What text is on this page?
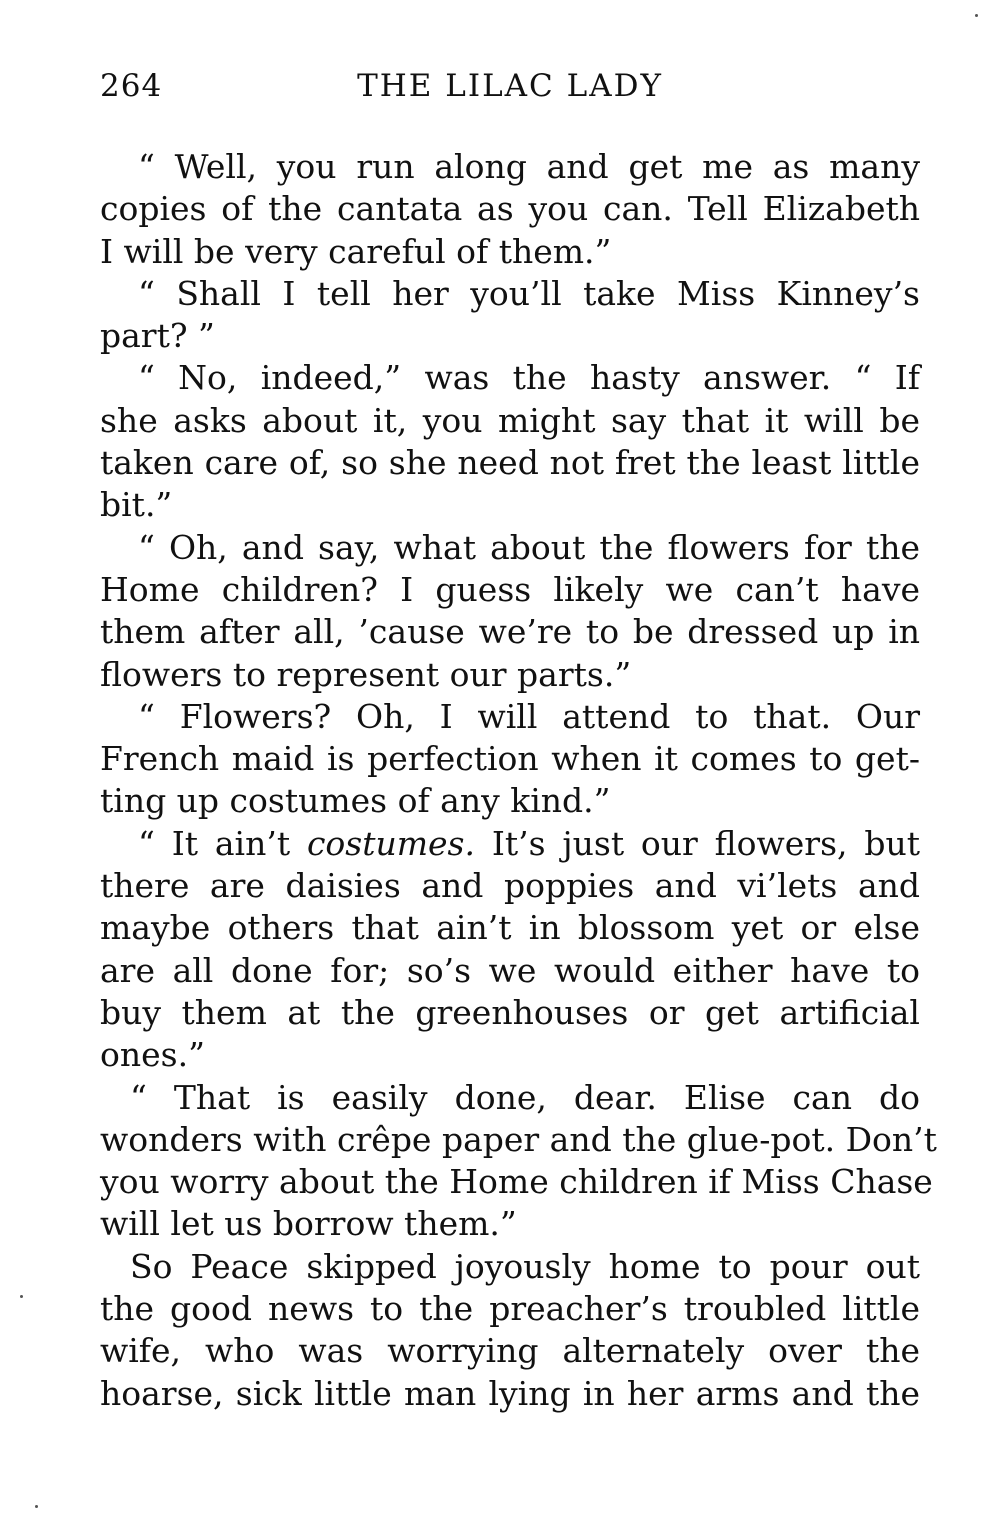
264	THE LILAC LADY
“ Well, you run along and get me as many
copies of the cantata as you can. Tell Elizabeth
I will be very careful of them.”
“ Shall I tell her you’ll take Miss Kinney’s
part? ”
“ No, indeed,” was the hasty answer. “ If
she asks about it, you might say that it will be
taken care of, so she need not fret the least little
bit.”
“ Oh, and say, what about the flowers for the
Home children? I guess likely we can’t have
them after all, ’cause we’re to be dressed up in
flowers to represent our parts.”
“ Flowers? Oh, I will attend to that. Our
French maid is perfection when it comes to get-
ting up costumes of any kind.”
“ It ain’t costumes. It’s just our flowers, but
there are daisies and poppies and vi’lets and
maybe others that ain’t in blossom yet or else
are all done for; so’s we would either have to
buy them at the greenhouses or get artificial
ones.”
“ That is easily done, dear. Elise can do
wonders with crêpe paper and the glue-pot. Don’t
you worry about the Home children if Miss Chase
will let us borrow them.”
So Peace skipped joyously home to pour out
the good news to the preacher’s troubled little
wife, who was worrying alternately over the
hoarse, sick little man lying in her arms and the
